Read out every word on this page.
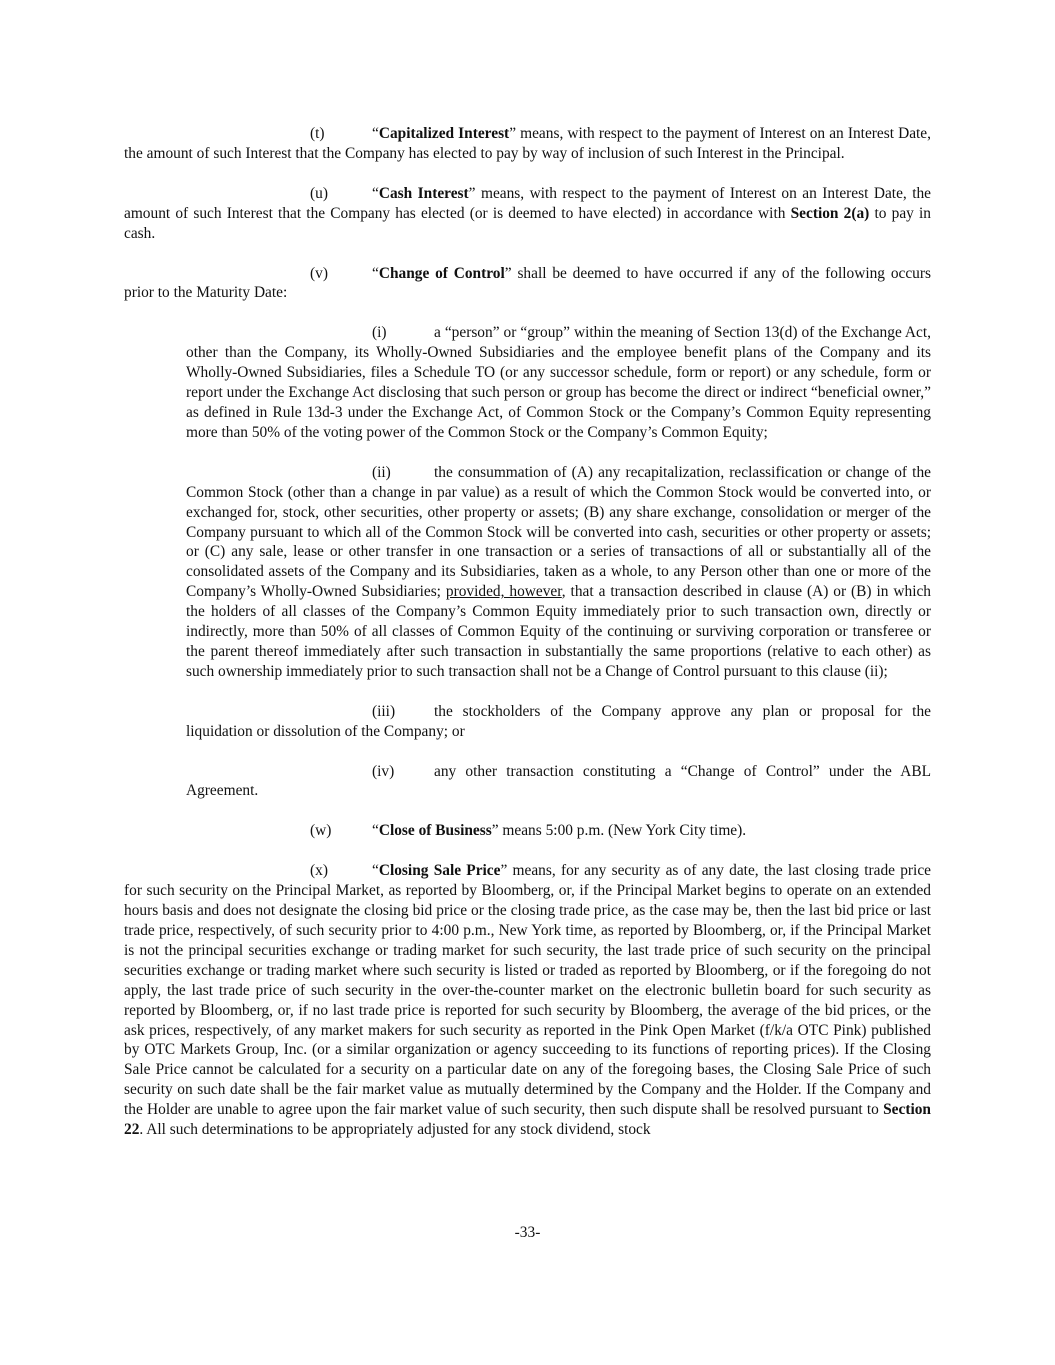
(t)	“Capitalized Interest” means, with respect to the payment of Interest on an Interest Date, the amount of such Interest that the Company has elected to pay by way of inclusion of such Interest in the Principal.

(u)	“Cash Interest” means, with respect to the payment of Interest on an Interest Date, the amount of such Interest that the Company has elected (or is deemed to have elected) in accordance with Section 2(a) to pay in cash.

(v)	“Change of Control” shall be deemed to have occurred if any of the following occurs prior to the Maturity Date:

(i)	a “person” or “group” within the meaning of Section 13(d) of the Exchange Act, other than the Company, its Wholly-Owned Subsidiaries and the employee benefit plans of the Company and its Wholly-Owned Subsidiaries, files a Schedule TO (or any successor schedule, form or report) or any schedule, form or report under the Exchange Act disclosing that such person or group has become the direct or indirect “beneficial owner,” as defined in Rule 13d-3 under the Exchange Act, of Common Stock or the Company’s Common Equity representing more than 50% of the voting power of the Common Stock or the Company’s Common Equity;

(ii)	the consummation of (A) any recapitalization, reclassification or change of the Common Stock (other than a change in par value) as a result of which the Common Stock would be converted into, or exchanged for, stock, other securities, other property or assets; (B) any share exchange, consolidation or merger of the Company pursuant to which all of the Common Stock will be converted into cash, securities or other property or assets; or (C) any sale, lease or other transfer in one transaction or a series of transactions of all or substantially all of the consolidated assets of the Company and its Subsidiaries, taken as a whole, to any Person other than one or more of the Company’s Wholly-Owned Subsidiaries; provided, however, that a transaction described in clause (A) or (B) in which the holders of all classes of the Company’s Common Equity immediately prior to such transaction own, directly or indirectly, more than 50% of all classes of Common Equity of the continuing or surviving corporation or transferee or the parent thereof immediately after such transaction in substantially the same proportions (relative to each other) as such ownership immediately prior to such transaction shall not be a Change of Control pursuant to this clause (ii);

(iii)	the stockholders of the Company approve any plan or proposal for the liquidation or dissolution of the Company; or

(iv)	any other transaction constituting a “Change of Control” under the ABL Agreement.

(w)	“Close of Business” means 5:00 p.m. (New York City time).

(x)	“Closing Sale Price” means, for any security as of any date, the last closing trade price for such security on the Principal Market, as reported by Bloomberg, or, if the Principal Market begins to operate on an extended hours basis and does not designate the closing bid price or the closing trade price, as the case may be, then the last bid price or last trade price, respectively, of such security prior to 4:00 p.m., New York time, as reported by Bloomberg, or, if the Principal Market is not the principal securities exchange or trading market for such security, the last trade price of such security on the principal securities exchange or trading market where such security is listed or traded as reported by Bloomberg, or if the foregoing do not apply, the last trade price of such security in the over-the-counter market on the electronic bulletin board for such security as reported by Bloomberg, or, if no last trade price is reported for such security by Bloomberg, the average of the bid prices, or the ask prices, respectively, of any market makers for such security as reported in the Pink Open Market (f/k/a OTC Pink) published by OTC Markets Group, Inc. (or a similar organization or agency succeeding to its functions of reporting prices). If the Closing Sale Price cannot be calculated for a security on a particular date on any of the foregoing bases, the Closing Sale Price of such security on such date shall be the fair market value as mutually determined by the Company and the Holder. If the Company and the Holder are unable to agree upon the fair market value of such security, then such dispute shall be resolved pursuant to Section 22. All such determinations to be appropriately adjusted for any stock dividend, stock

-33-
